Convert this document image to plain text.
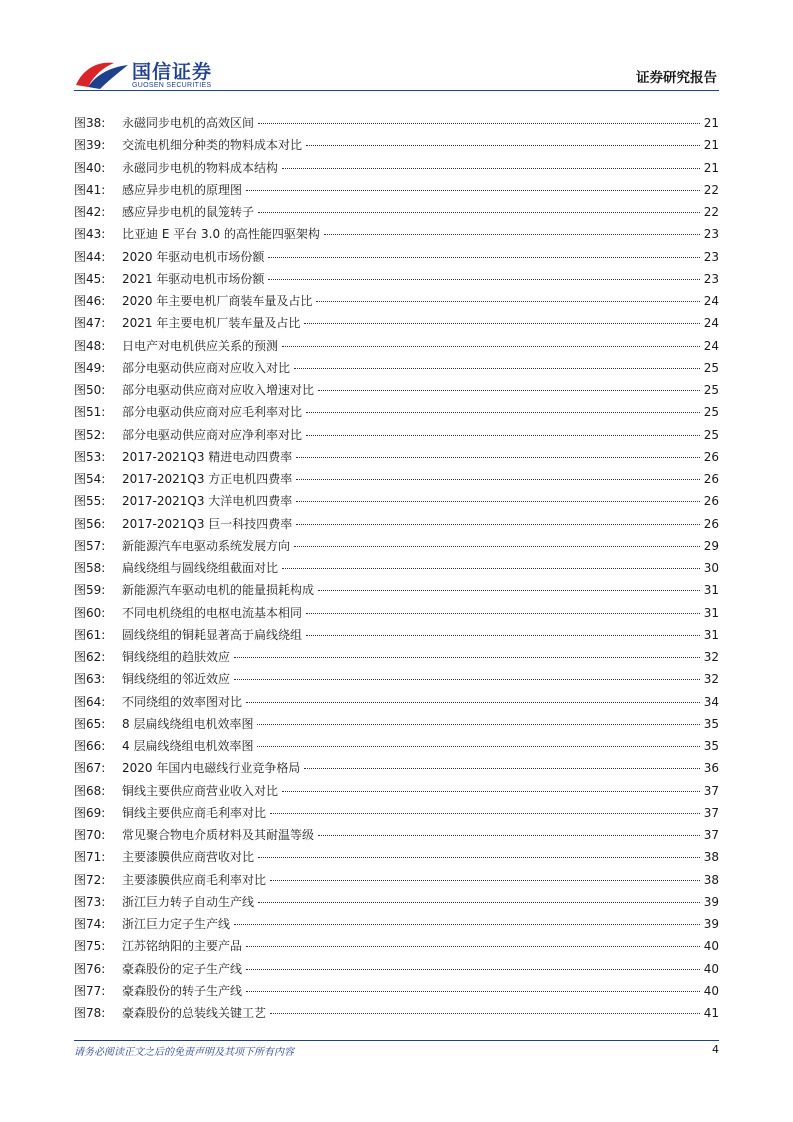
国信证券
GUOSEN SECURITIES	证券研究报告
图38:	永磁同步电机的高效区间	21
图39:	交流电机细分种类的物料成本对比	21
图40:	永磁同步电机的物料成本结构	21
图41:	感应异步电机的原理图	22
图42:	感应异步电机的鼠笼转子	22
图43:	比亚迪 E 平台 3.0 的高性能四驱架构	23
图44:	2020 年驱动电机市场份额	23
图45:	2021 年驱动电机市场份额	23
图46:	2020 年主要电机厂商装车量及占比	24
图47:	2021 年主要电机厂装车量及占比	24
图48:	日电产对电机供应关系的预测	24
图49:	部分电驱动供应商对应收入对比	25
图50:	部分电驱动供应商对应收入增速对比	25
图51:	部分电驱动供应商对应毛利率对比	25
图52:	部分电驱动供应商对应净利率对比	25
图53:	2017-2021Q3 精进电动四费率	26
图54:	2017-2021Q3 方正电机四费率	26
图55:	2017-2021Q3 大洋电机四费率	26
图56:	2017-2021Q3 巨一科技四费率	26
图57:	新能源汽车电驱动系统发展方向	29
图58:	扁线绕组与圆线绕组截面对比	30
图59:	新能源汽车驱动电机的能量损耗构成	31
图60:	不同电机绕组的电枢电流基本相同	31
图61:	圆线绕组的铜耗显著高于扁线绕组	31
图62:	铜线绕组的趋肤效应	32
图63:	铜线绕组的邻近效应	32
图64:	不同绕组的效率图对比	34
图65:	8 层扁线绕组电机效率图	35
图66:	4 层扁线绕组电机效率图	35
图67:	2020 年国内电磁线行业竞争格局	36
图68:	铜线主要供应商营业收入对比	37
图69:	铜线主要供应商毛利率对比	37
图70:	常见聚合物电介质材料及其耐温等级	37
图71:	主要漆膜供应商营收对比	38
图72:	主要漆膜供应商毛利率对比	38
图73:	浙江巨力转子自动生产线	39
图74:	浙江巨力定子生产线	39
图75:	江苏铭纳阳的主要产品	40
图76:	豪森股份的定子生产线	40
图77:	豪森股份的转子生产线	40
图78:	豪森股份的总装线关键工艺	41
请务必阅读正文之后的免责声明及其项下所有内容	4
